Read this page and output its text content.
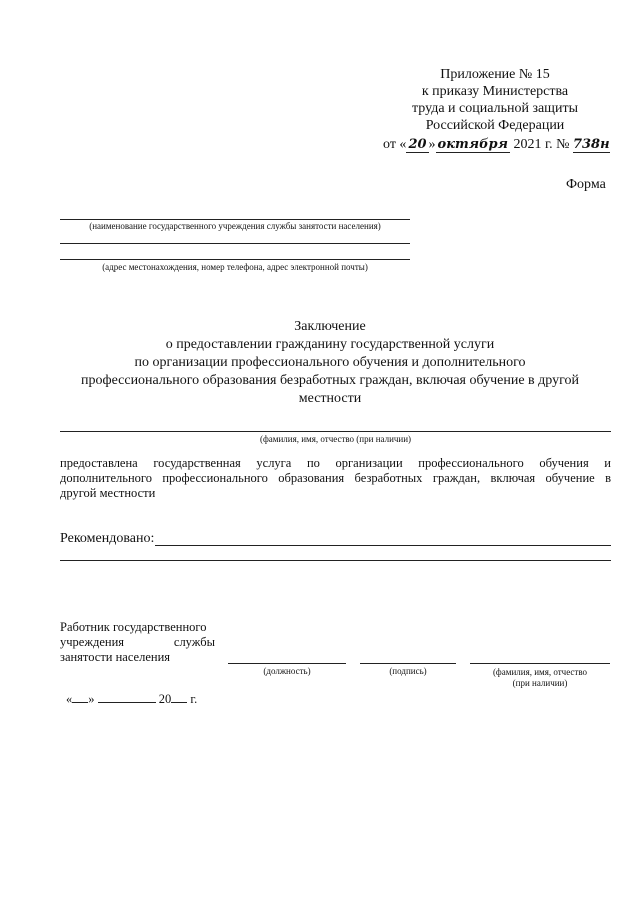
Приложение № 15
к приказу Министерства
труда и социальной защиты
Российской Федерации
от « 20 » октября 2021 г. № 738н
Форма
(наименование государственного учреждения службы занятости населения)
(адрес местонахождения, номер телефона, адрес электронной почты)
Заключение
о предоставлении гражданину государственной услуги
по организации профессионального обучения и дополнительного
профессионального образования безработных граждан, включая обучение в другой
местности
(фамилия, имя, отчество (при наличии)
предоставлена государственная услуга по организации профессионального обучения и
дополнительного профессионального образования безработных граждан, включая обучение в
другой местности
Рекомендовано:
Работник государственного
учреждения	службы
занятости населения
(должность)	(подпись)	(фамилия, имя, отчество
(при наличии)
« »	20 г.
